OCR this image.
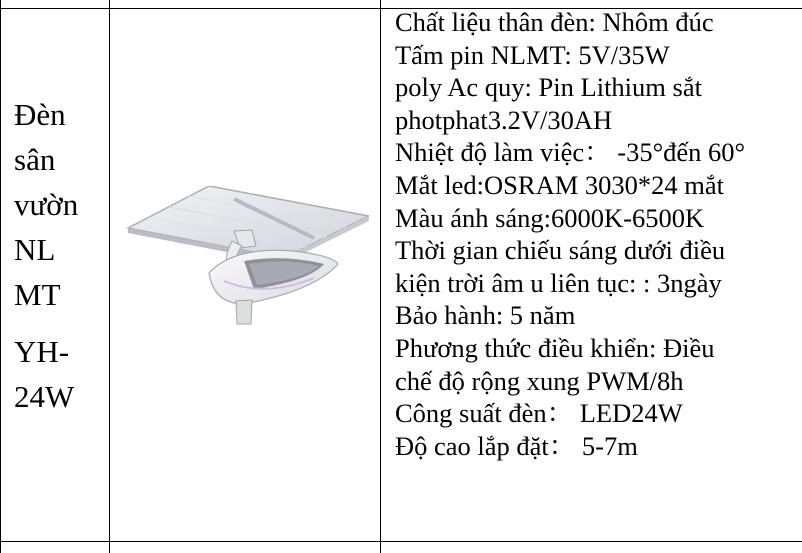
Đèn
sân
vườn
NL
MT
YH-
24W
Chất liệu thân đèn: Nhôm đúc
Tấm pin NLMT: 5V/35W
poly Ac quy: Pin Lithium sắt
photphat3.2V/30AH
Nhiệt độ làm việc： -35°đến 60°
Mắt led:OSRAM 3030*24 mắt
Màu ánh sáng:6000K-6500K
Thời gian chiếu sáng dưới điều
kiện trời âm u liên tục: : 3ngày
Bảo hành: 5 năm
Phương thức điều khiển: Điều
chế độ rộng xung PWM/8h
Công suất đèn： LED24W
Độ cao lắp đặt： 5-7m
